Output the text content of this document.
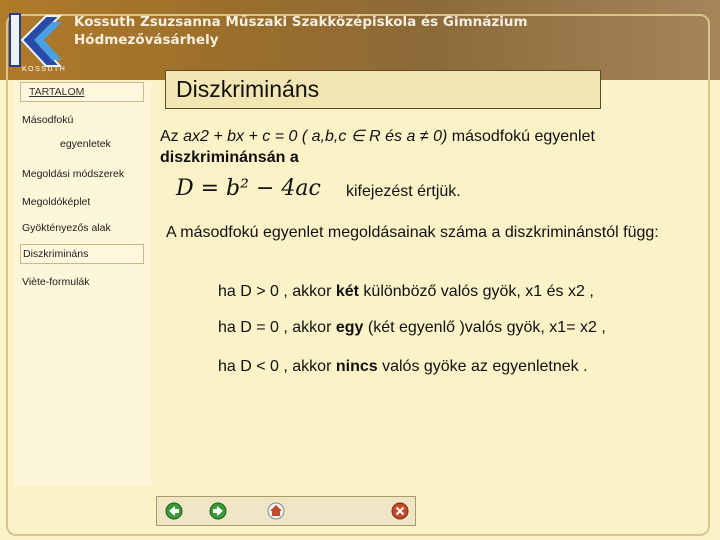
KOSSUTH
Kossuth Zsuzsanna Műszaki Szakközépiskola és Gimnázium
Hódmezővásárhely
TARTALOM
Másodfokú
egyenletek
Megoldási módszerek
Megoldóképlet
Gyöktényezős alak
Diszkrimináns
Viète-formulák
Diszkrimináns
Az ax2 + bx + c = 0 ( a,b,c ∈ R és a ≠ 0) másodfokú egyenlet
diszkriminánsán a
D = b² − 4ac kifejezést értjük.
A másodfokú egyenlet megoldásainak száma a diszkriminánstól függ:
ha D > 0 , akkor két különböző valós gyök, x1 és x2 ,
ha D = 0 , akkor egy (két egyenlő )valós gyök, x1= x2 ,
ha D < 0 , akkor nincs valós gyöke az egyenletnek .
